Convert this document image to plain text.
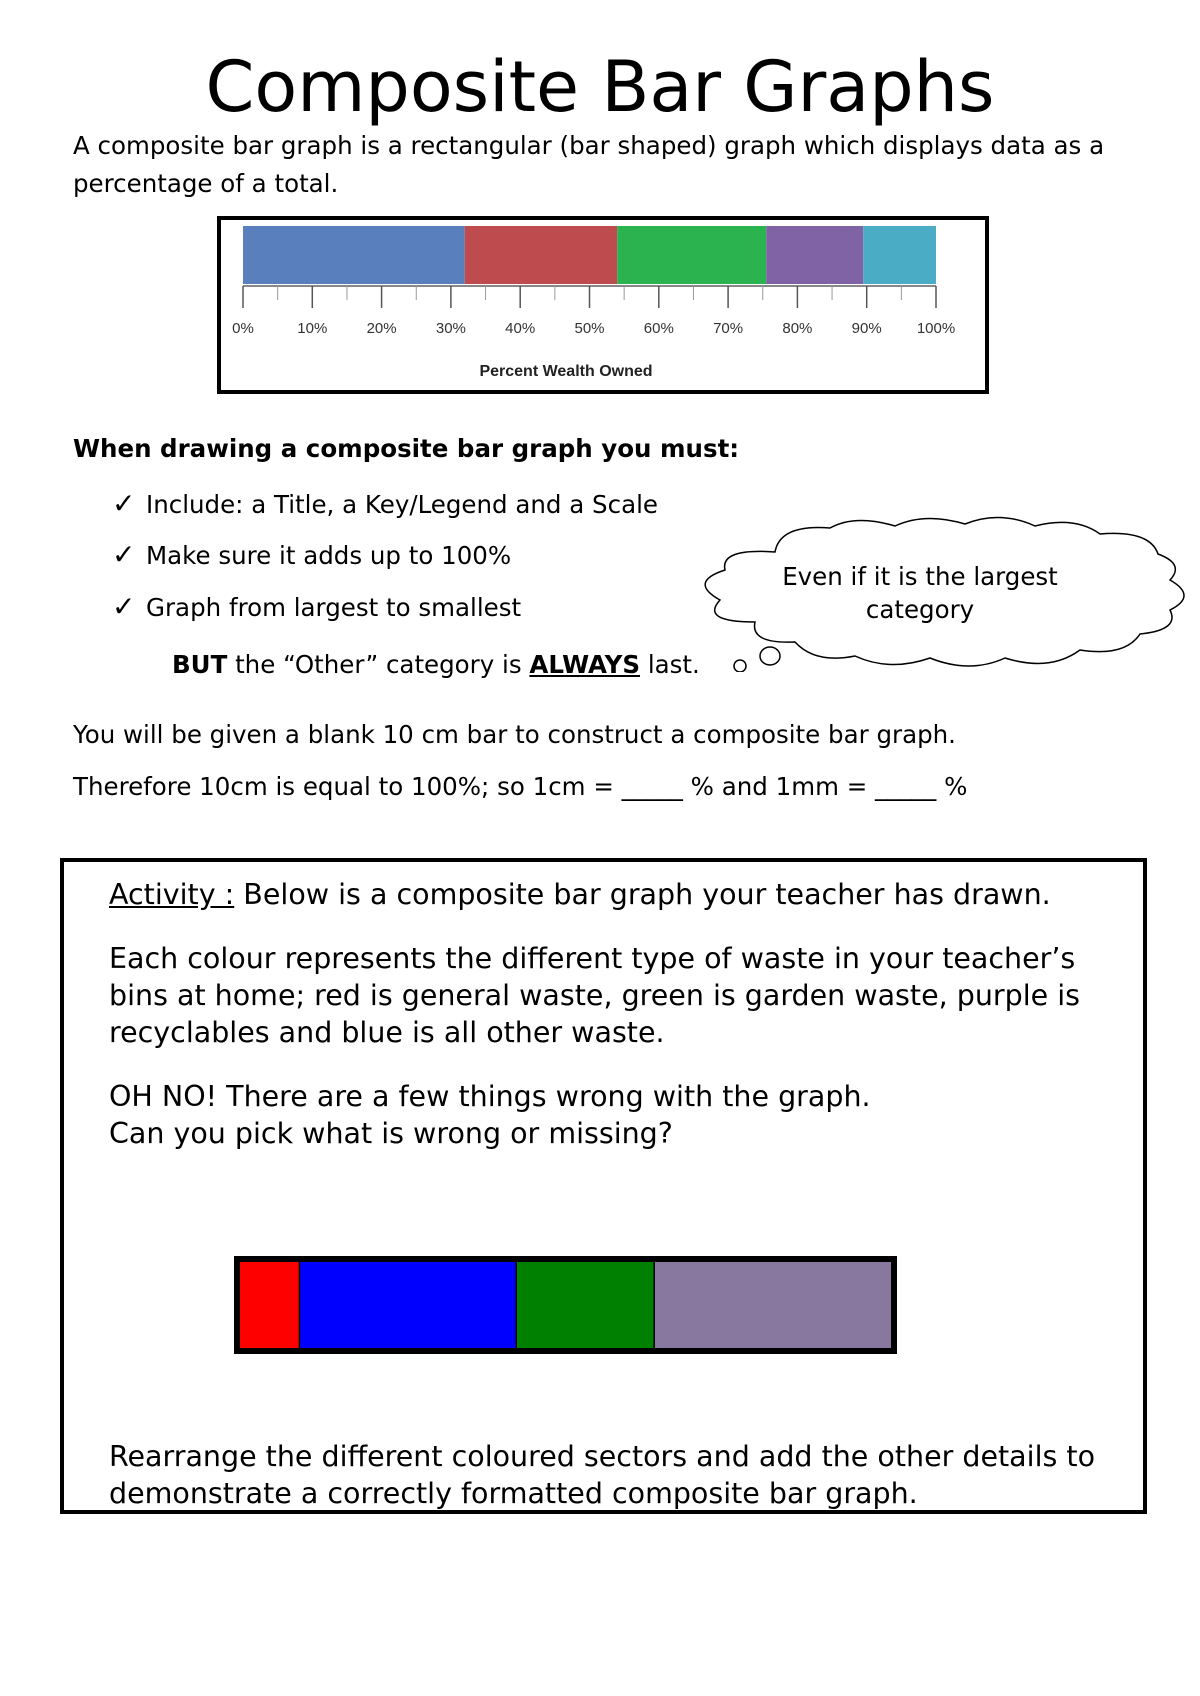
Composite Bar Graphs
A composite bar graph is a rectangular (bar shaped) graph which displays data as a percentage of a total.
0%	10%	20%	30%	40%	50%	60%	70%	80%	90% 100%
Percent Wealth Owned
When drawing a composite bar graph you must:
✓ Include: a Title, a Key/Legend and a Scale
✓ Make sure it adds up to 100%
✓ Graph from largest to smallest
BUT the “Other” category is ALWAYS last.
Even if it is the largest category
You will be given a blank 10 cm bar to construct a composite bar graph.
Therefore 10cm is equal to 100%; so 1cm = _____ % and 1mm = _____ %
Activity : Below is a composite bar graph your teacher has drawn.
Each colour represents the different type of waste in your teacher’s bins at home; red is general waste, green is garden waste, purple is recyclables and blue is all other waste.
OH NO! There are a few things wrong with the graph.
Can you pick what is wrong or missing?
Rearrange the different coloured sectors and add the other details to demonstrate a correctly formatted composite bar graph.
